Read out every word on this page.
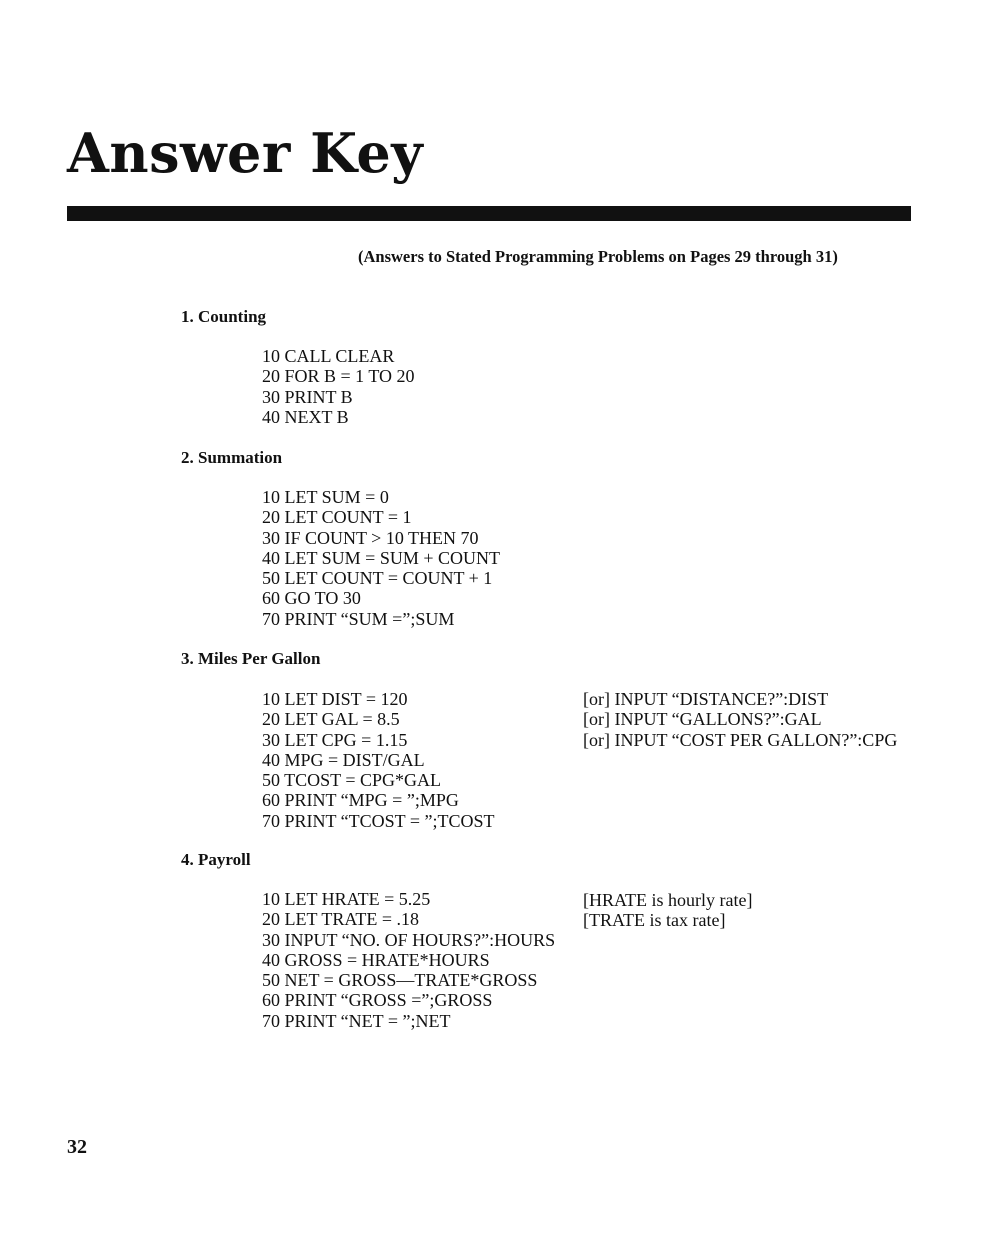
Answer Key
(Answers to Stated Programming Problems on Pages 29 through 31)
1. Counting
10 CALL CLEAR
20 FOR B = 1 TO 20
30 PRINT B
40 NEXT B
2. Summation
10 LET SUM = 0
20 LET COUNT = 1
30 IF COUNT > 10 THEN 70
40 LET SUM = SUM + COUNT
50 LET COUNT = COUNT + 1
60 GO TO 30
70 PRINT “SUM =”;SUM
3. Miles Per Gallon
10 LET DIST = 120
20 LET GAL = 8.5
30 LET CPG = 1.15
40 MPG = DIST/GAL
50 TCOST = CPG*GAL
60 PRINT “MPG = ”;MPG
70 PRINT “TCOST = ”;TCOST
[or] INPUT “DISTANCE?”:DIST
[or] INPUT “GALLONS?”:GAL
[or] INPUT “COST PER GALLON?”:CPG
4. Payroll
10 LET HRATE = 5.25
20 LET TRATE = .18
30 INPUT “NO. OF HOURS?”:HOURS
40 GROSS = HRATE*HOURS
50 NET = GROSS—TRATE*GROSS
60 PRINT “GROSS =”;GROSS
70 PRINT “NET = ”;NET
[HRATE is hourly rate]
[TRATE is tax rate]
32
